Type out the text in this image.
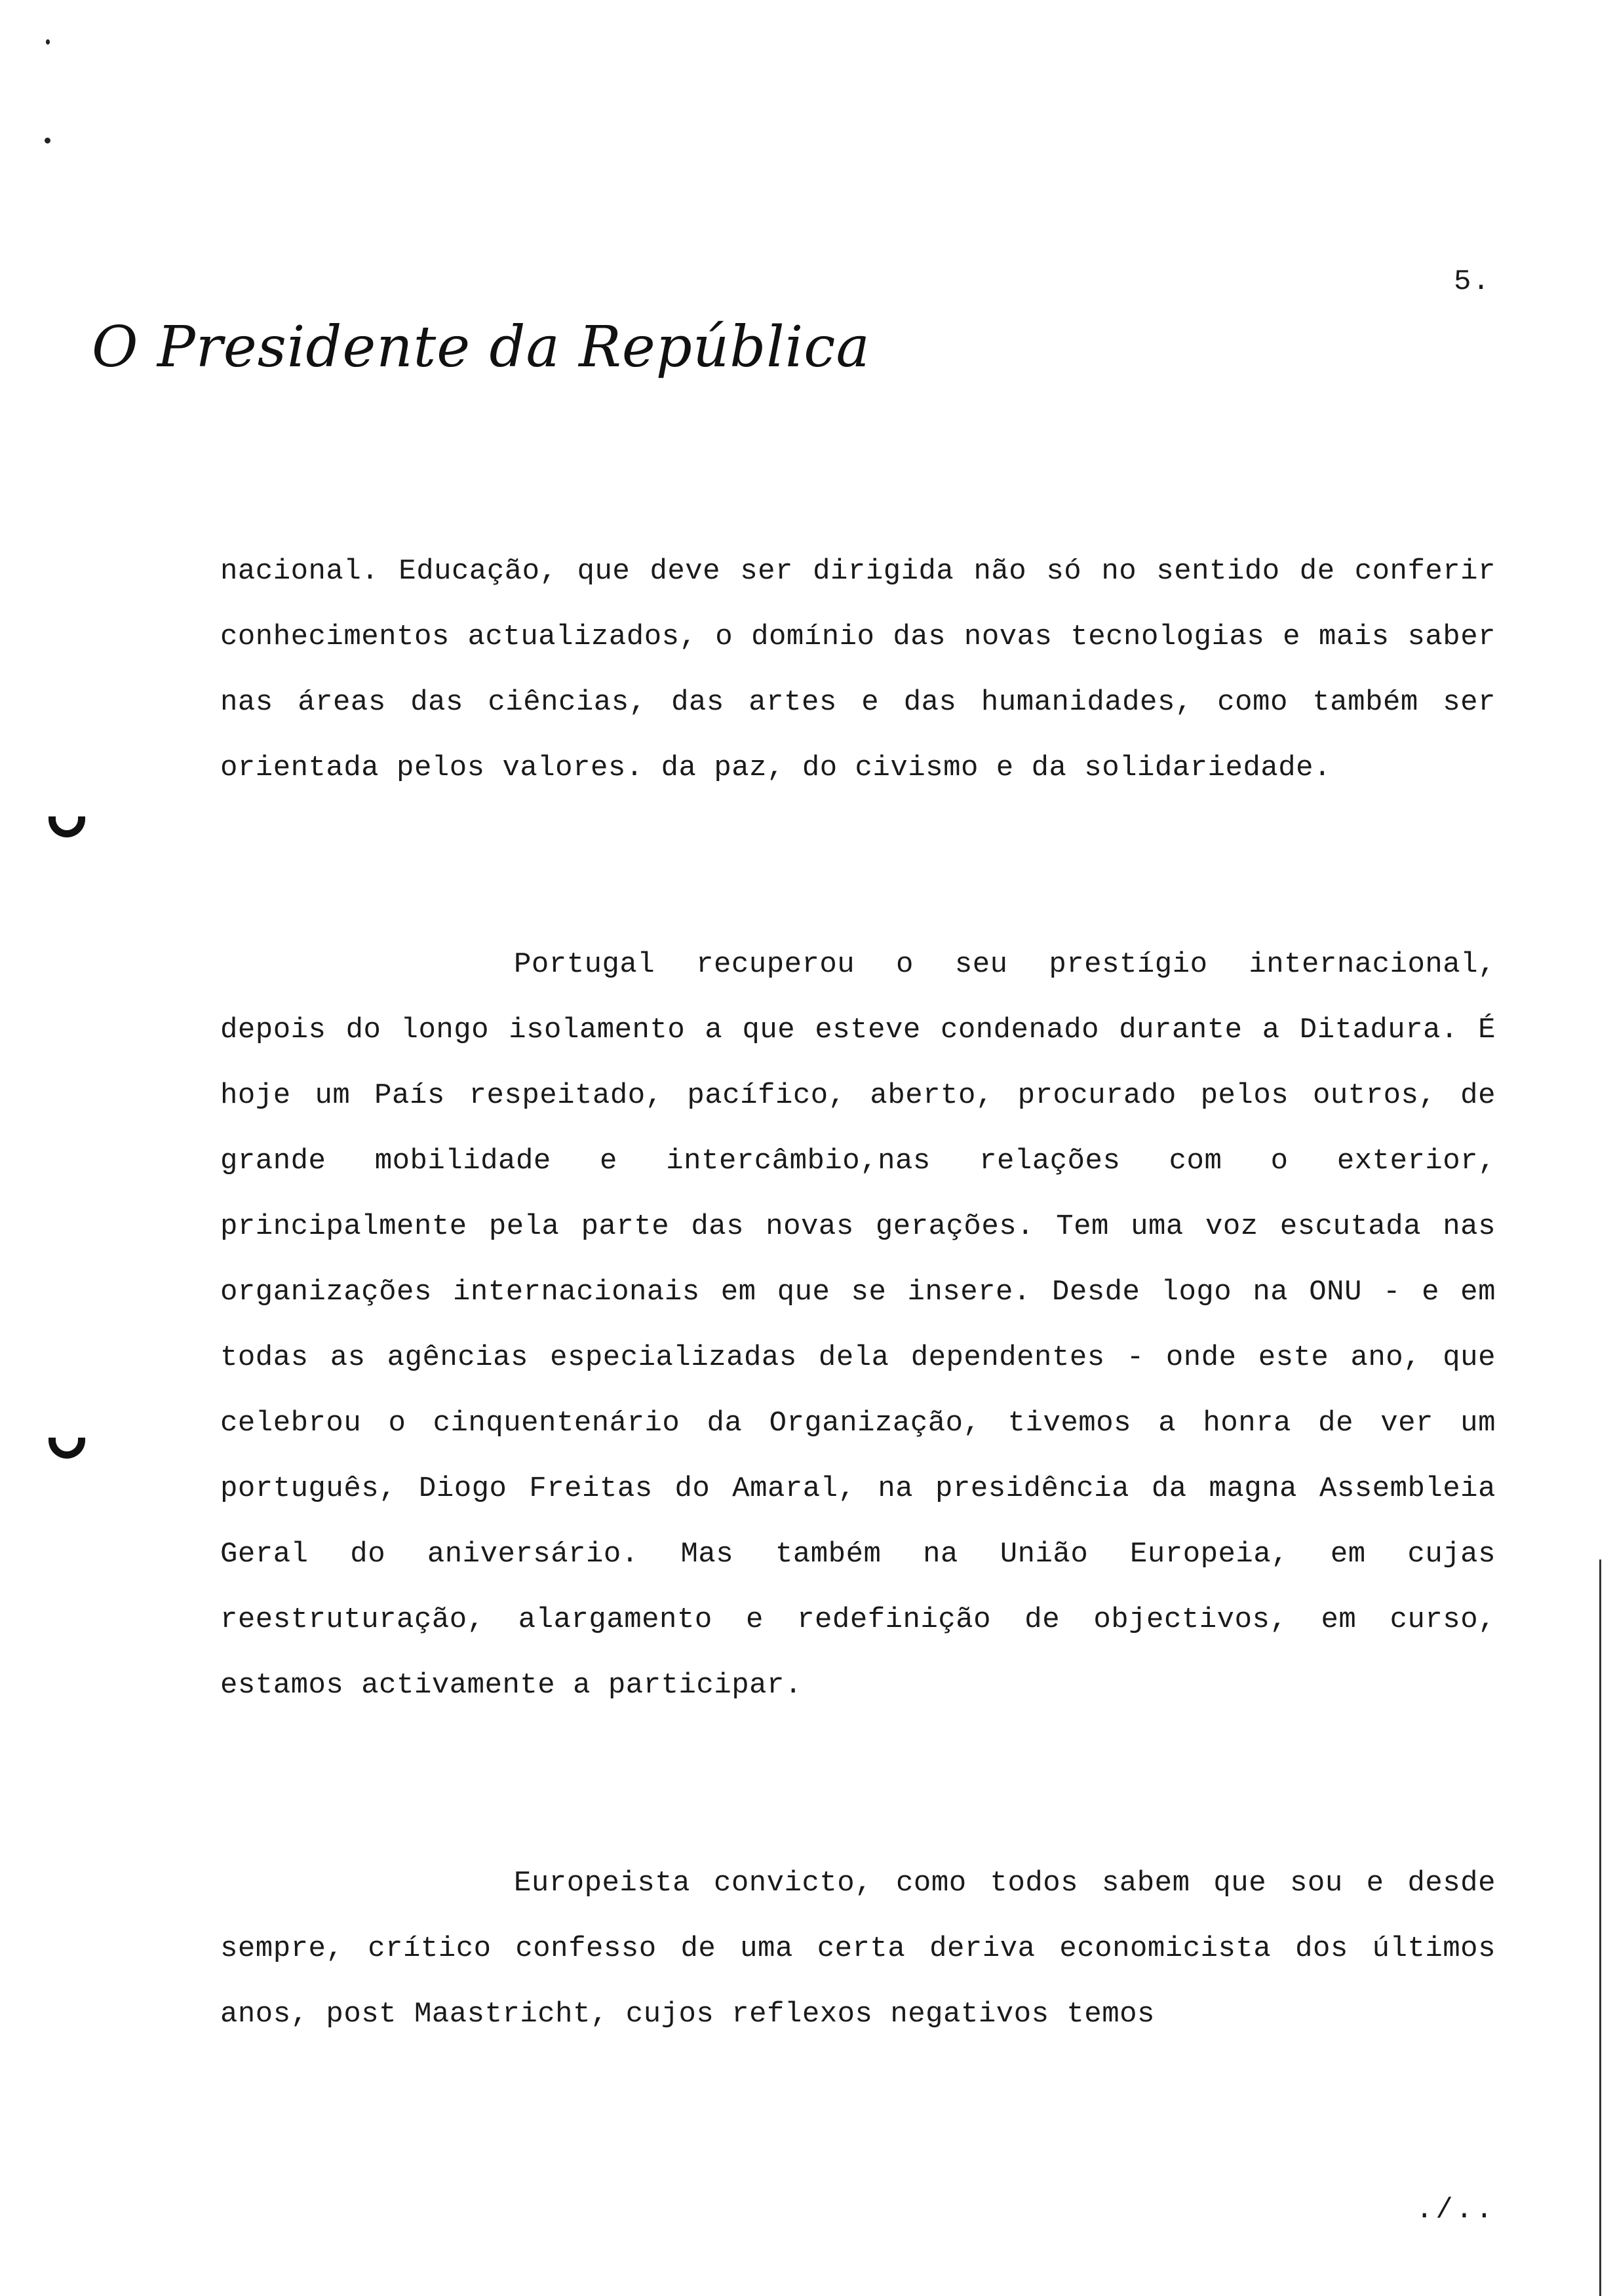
5.
O Presidente da República

nacional. Educação, que deve ser dirigida não só no sentido de conferir conhecimentos actualizados, o domínio das novas tecnologias e mais saber nas áreas das ciências, das artes e das humanidades, como também ser orientada pelos valores. da paz, do civismo e da solidariedade.

Portugal recuperou o seu prestígio internacional, depois do longo isolamento a que esteve condenado durante a Ditadura. É hoje um País respeitado, pacífico, aberto, procurado pelos outros, de grande mobilidade e intercâmbio,nas relações com o exterior, principalmente pela parte das novas gerações. Tem uma voz escutada nas organizações internacionais em que se insere. Desde logo na ONU - e em todas as agências especializadas dela dependentes - onde este ano, que celebrou o cinquentenário da Organização, tivemos a honra de ver um português, Diogo Freitas do Amaral, na presidência da magna Assembleia Geral do aniversário. Mas também na União Europeia, em cujas reestruturação, alargamento e redefinição de objectivos, em curso, estamos activamente a participar.

Europeista convicto, como todos sabem que sou e desde sempre, crítico confesso de uma certa deriva economicista dos últimos anos, post Maastricht, cujos reflexos negativos temos

./..
